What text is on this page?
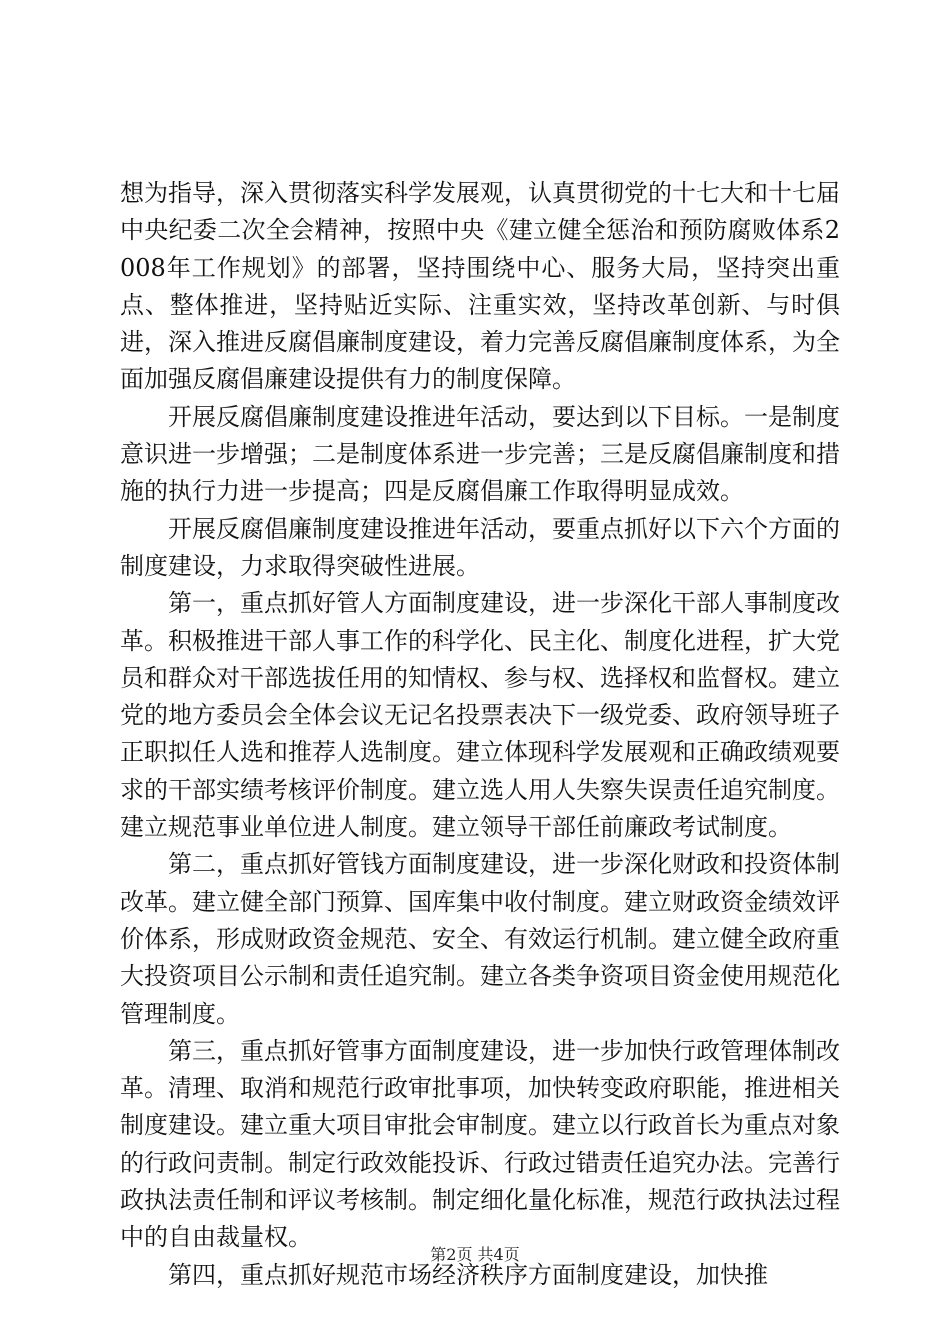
想为指导，深入贯彻落实科学发展观，认真贯彻党的十七大和十七届中央纪委二次全会精神，按照中央《建立健全惩治和预防腐败体系2008年工作规划》的部署，坚持围绕中心、服务大局，坚持突出重点、整体推进，坚持贴近实际、注重实效，坚持改革创新、与时俱进，深入推进反腐倡廉制度建设，着力完善反腐倡廉制度体系，为全面加强反腐倡廉建设提供有力的制度保障。

开展反腐倡廉制度建设推进年活动，要达到以下目标。一是制度意识进一步增强；二是制度体系进一步完善；三是反腐倡廉制度和措施的执行力进一步提高；四是反腐倡廉工作取得明显成效。

开展反腐倡廉制度建设推进年活动，要重点抓好以下六个方面的制度建设，力求取得突破性进展。

第一，重点抓好管人方面制度建设，进一步深化干部人事制度改革。积极推进干部人事工作的科学化、民主化、制度化进程，扩大党员和群众对干部选拔任用的知情权、参与权、选择权和监督权。建立党的地方委员会全体会议无记名投票表决下一级党委、政府领导班子正职拟任人选和推荐人选制度。建立体现科学发展观和正确政绩观要求的干部实绩考核评价制度。建立选人用人失察失误责任追究制度。建立规范事业单位进人制度。建立领导干部任前廉政考试制度。

第二，重点抓好管钱方面制度建设，进一步深化财政和投资体制改革。建立健全部门预算、国库集中收付制度。建立财政资金绩效评价体系，形成财政资金规范、安全、有效运行机制。建立健全政府重大投资项目公示制和责任追究制。建立各类争资项目资金使用规范化管理制度。

第三，重点抓好管事方面制度建设，进一步加快行政管理体制改革。清理、取消和规范行政审批事项，加快转变政府职能，推进相关制度建设。建立重大项目审批会审制度。建立以行政首长为重点对象的行政问责制。制定行政效能投诉、行政过错责任追究办法。完善行政执法责任制和评议考核制。制定细化量化标准，规范行政执法过程中的自由裁量权。

第四，重点抓好规范市场经济秩序方面制度建设，加快推

第2页 共4页
